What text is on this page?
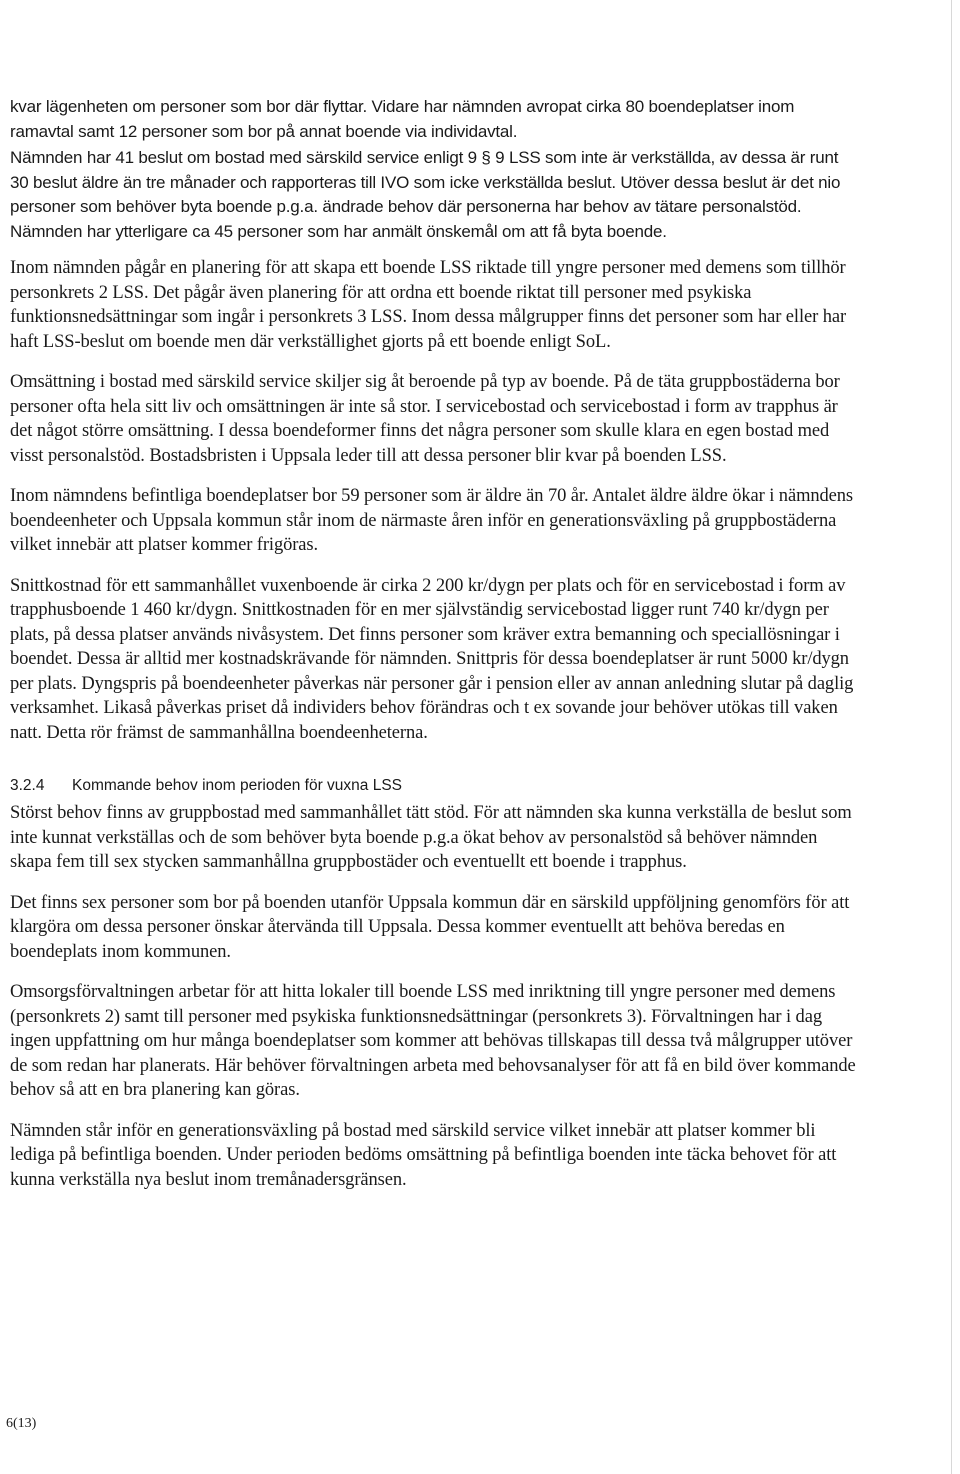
kvar lägenheten om personer som bor där flyttar. Vidare har nämnden avropat cirka 80 boendeplatser inom ramavtal samt 12 personer som bor på annat boende via individavtal.

Nämnden har 41 beslut om bostad med särskild service enligt 9 § 9 LSS som inte är verkställda, av dessa är runt 30 beslut äldre än tre månader och rapporteras till IVO som icke verkställda beslut. Utöver dessa beslut är det nio personer som behöver byta boende p.g.a. ändrade behov där personerna har behov av tätare personalstöd. Nämnden har ytterligare ca 45 personer som har anmält önskemål om att få byta boende.

Inom nämnden pågår en planering för att skapa ett boende LSS riktade till yngre personer med demens som tillhör personkrets 2 LSS. Det pågår även planering för att ordna ett boende riktat till personer med psykiska funktionsnedsättningar som ingår i personkrets 3 LSS. Inom dessa målgrupper finns det personer som har eller har haft LSS-beslut om boende men där verkställighet gjorts på ett boende enligt SoL.

Omsättning i bostad med särskild service skiljer sig åt beroende på typ av boende. På de täta gruppbostäderna bor personer ofta hela sitt liv och omsättningen är inte så stor. I servicebostad och servicebostad i form av trapphus är det något större omsättning. I dessa boendeformer finns det några personer som skulle klara en egen bostad med visst personalstöd. Bostadsbristen i Uppsala leder till att dessa personer blir kvar på boenden LSS.

Inom nämndens befintliga boendeplatser bor 59 personer som är äldre än 70 år. Antalet äldre äldre ökar i nämndens boendeenheter och Uppsala kommun står inom de närmaste åren inför en generationsväxling på gruppbostäderna vilket innebär att platser kommer frigöras.

Snittkostnad för ett sammanhållet vuxenboende är cirka 2 200 kr/dygn per plats och för en servicebostad i form av trapphusboende 1 460 kr/dygn. Snittkostnaden för en mer självständig servicebostad ligger runt 740 kr/dygn per plats, på dessa platser används nivåsystem. Det finns personer som kräver extra bemanning och speciallösningar i boendet. Dessa är alltid mer kostnadskrävande för nämnden. Snittpris för dessa boendeplatser är runt 5000 kr/dygn per plats. Dyngspris på boendeenheter påverkas när personer går i pension eller av annan anledning slutar på daglig verksamhet. Likaså påverkas priset då individers behov förändras och t ex sovande jour behöver utökas till vaken natt. Detta rör främst de sammanhållna boendeenheterna.

3.2.4 Kommande behov inom perioden för vuxna LSS

Störst behov finns av gruppbostad med sammanhållet tätt stöd. För att nämnden ska kunna verkställa de beslut som inte kunnat verkställas och de som behöver byta boende p.g.a ökat behov av personalstöd så behöver nämnden skapa fem till sex stycken sammanhållna gruppbostäder och eventuellt ett boende i trapphus.

Det finns sex personer som bor på boenden utanför Uppsala kommun där en särskild uppföljning genomförs för att klargöra om dessa personer önskar återvända till Uppsala. Dessa kommer eventuellt att behöva beredas en boendeplats inom kommunen.

Omsorgsförvaltningen arbetar för att hitta lokaler till boende LSS med inriktning till yngre personer med demens (personkrets 2) samt till personer med psykiska funktionsnedsättningar (personkrets 3). Förvaltningen har i dag ingen uppfattning om hur många boendeplatser som kommer att behövas tillskapas till dessa två målgrupper utöver de som redan har planerats. Här behöver förvaltningen arbeta med behovsanalyser för att få en bild över kommande behov så att en bra planering kan göras.

Nämnden står inför en generationsväxling på bostad med särskild service vilket innebär att platser kommer bli lediga på befintliga boenden. Under perioden bedöms omsättning på befintliga boenden inte täcka behovet för att kunna verkställa nya beslut inom tremånadersgränsen.

6(13)
